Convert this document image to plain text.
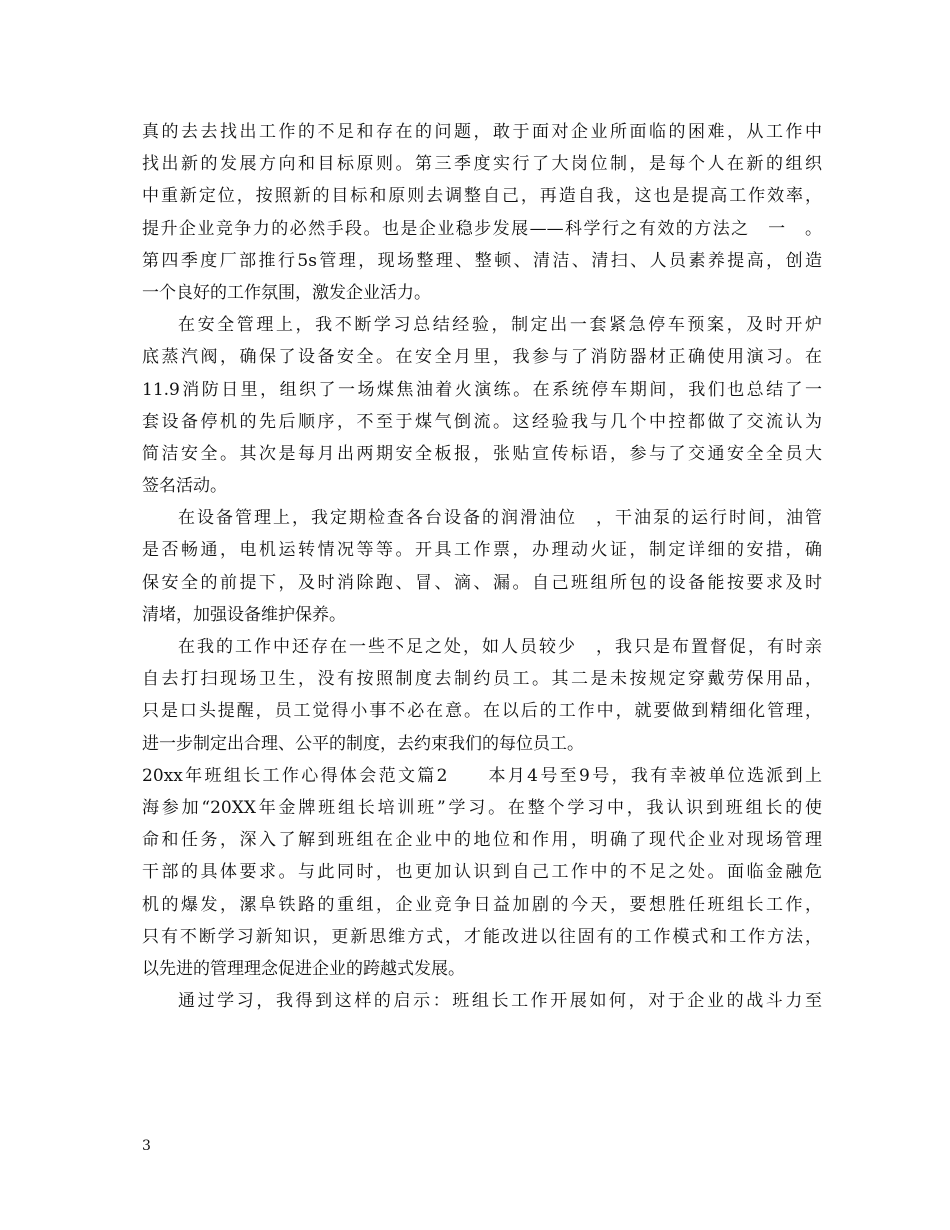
真的去去找出工作的不足和存在的问题，敢于面对企业所面临的困难，从工作中
找出新的发展方向和目标原则。第三季度实行了大岗位制，是每个人在新的组织
中重新定位，按照新的目标和原则去调整自己，再造自我，这也是提高工作效率，
提升企业竞争力的必然手段。也是企业稳步发展——科学行之有效的方法之　一　。
第四季度厂部推行5s管理，现场整理、整顿、清洁、清扫、人员素养提高，创造
一个良好的工作氛围，激发企业活力。
在安全管理上，我不断学习总结经验，制定出一套紧急停车预案，及时开炉
底蒸汽阀，确保了设备安全。在安全月里，我参与了消防器材正确使用演习。在
11.9消防日里，组织了一场煤焦油着火演练。在系统停车期间，我们也总结了一
套设备停机的先后顺序，不至于煤气倒流。这经验我与几个中控都做了交流认为
简洁安全。其次是每月出两期安全板报，张贴宣传标语，参与了交通安全全员大
签名活动。
在设备管理上，我定期检查各台设备的润滑油位　，干油泵的运行时间，油管
是否畅通，电机运转情况等等。开具工作票，办理动火证，制定详细的安措，确
保安全的前提下，及时消除跑、冒、滴、漏。自己班组所包的设备能按要求及时
清堵，加强设备维护保养。
在我的工作中还存在一些不足之处，如人员较少　，我只是布置督促，有时亲
自去打扫现场卫生，没有按照制度去制约员工。其二是未按规定穿戴劳保用品，
只是口头提醒，员工觉得小事不必在意。在以后的工作中，就要做到精细化管理，
进一步制定出合理、公平的制度，去约束我们的每位员工。
20xx年班组长工作心得体会范文篇2　　本月4号至9号，我有幸被单位选派到上
海参加“20XX年金牌班组长培训班”学习。在整个学习中，我认识到班组长的使
命和任务，深入了解到班组在企业中的地位和作用，明确了现代企业对现场管理
干部的具体要求。与此同时，也更加认识到自己工作中的不足之处。面临金融危
机的爆发，漯阜铁路的重组，企业竞争日益加剧的今天，要想胜任班组长工作，
只有不断学习新知识，更新思维方式，才能改进以往固有的工作模式和工作方法，
以先进的管理理念促进企业的跨越式发展。
通过学习，我得到这样的启示：班组长工作开展如何，对于企业的战斗力至
3
